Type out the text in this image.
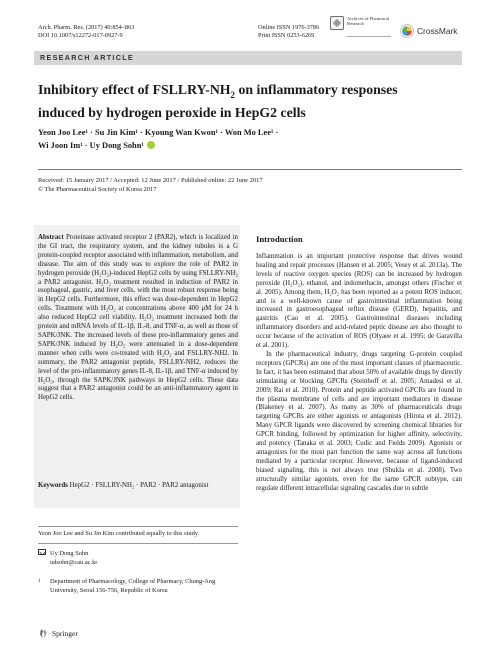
Arch. Pharm. Res. (2017) 40:854–863
DOI 10.1007/s12272-017-0927-9
Online ISSN 1976-3786
Print ISSN 0253-6269
Archives of Pharmacal Research
CrossMark
RESEARCH ARTICLE
Inhibitory effect of FSLLRY-$NH_2$ on inflammatory responses
induced by hydrogen peroxide in HepG2 cells
Yeon Joo Lee¹ · Su Jin Kim¹ · Kyoung Wan Kwon¹ · Won Mo Lee¹ ·
Wi Joon Im¹ · Uy Dong Sohn¹
Received: 15 January 2017 / Accepted: 12 June 2017 / Published online: 22 June 2017
© The Pharmaceutical Society of Korea 2017
Abstract Proteinase activated receptor 2 (PAR2), which is localized in the GI tract, the respiratory system, and the kidney tubules is a G protein-coupled receptor associated with inflammation, metabolism, and disease. The aim of this study was to explore the role of PAR2 in hydrogen peroxide (H₂O₂)-induced HepG2 cells by using FSLLRY-NH₂ a PAR2 antagonist. H₂O₂ treatment resulted in induction of PAR2 in esophageal, gastric, and liver cells, with the most robust response being in HepG2 cells. Furthermore, this effect was dose-dependent in HepG2 cells. Treatment with H₂O₂ at concentrations above 400 μM for 24 h also reduced HepG2 cell viability. H₂O₂ treatment increased both the protein and mRNA levels of IL-1β, IL-8, and TNF-α, as well as those of SAPK/JNK. The increased levels of these pro-inflammatory genes and SAPK/JNK induced by H₂O₂ were attenuated in a dose-dependent manner when cells were co-treated with H₂O₂ and FSLLRY-NH2. In summary, the PAR2 antagonist peptide, FSLLRY-NH2, reduces the level of the pro-inflammatory genes IL-8, IL-1β, and TNF-α induced by H₂O₂, through the SAPK/JNK pathways in HepG2 cells. These data suggest that a PAR2 antagonist could be an anti-inflammatory agent in HepG2 cells.
Keywords HepG2 · FSLLRY-NH₂ · PAR2 · PAR2 antagonist
Yeon Joo Lee and Su Jin Kim contributed equally to this study.
Uy Dong Sohn
udsohn@cau.ac.kr
1	Department of Pharmacology, College of Pharmacy, Chung-Ang University, Seoul 156-756, Republic of Korea
Springer
Introduction

Inflammation is an important protective response that drives wound healing and repair processes (Hansen et al. 2005; Vesey et al. 2013a). The levels of reactive oxygen species (ROS) can be increased by hydrogen peroxide (H₂O₂), ethanol, and indomethacin, amongst others (Fischer et al. 2005). Among them, H₂O₂ has been reported as a potent ROS inducer, and is a well-known cause of gastrointestinal inflammation being increased in gastroesophageal reflux disease (GERD), hepatitis, and gastritis (Cao et al. 2005). Gastrointestinal diseases including inflammatory disorders and acid-related peptic disease are also thought to occur because of the activation of ROS (Olyaee et al. 1995; de Garavilla et al. 2001).

In the pharmaceutical industry, drugs targeting G-protein coupled receptors (GPCRs) are one of the most important classes of pharmaceutic. In fact, it has been estimated that about 50% of available drugs by directly stimulating or blocking GPCRs (Steinhoff et al. 2005; Amadesi et al. 2009; Rai et al. 2010). Protein and peptide activated GPCRs are found in the plasma membrane of cells and are important mediators in disease (Blakeney et al. 2007). As many as 30% of pharmaceuticals drugs targeting GPCRs are either agonists or antagonists (Hirota et al. 2012). Many GPCR ligands were discovered by screening chemical libraries for GPCR binding, followed by optimization for higher affinity, selectivity, and potency (Tanaka et al. 2003; Cudic and Fields 2009). Agonists or antagonists for the most part function the same way across all functions mediated by a particular receptor. However, because of ligand-induced biased signaling, this is not always true (Shukla et al. 2008). Two structurally similar agonists, even for the same GPCR subtype, can regulate different intracellular signaling cascades due to subtle
